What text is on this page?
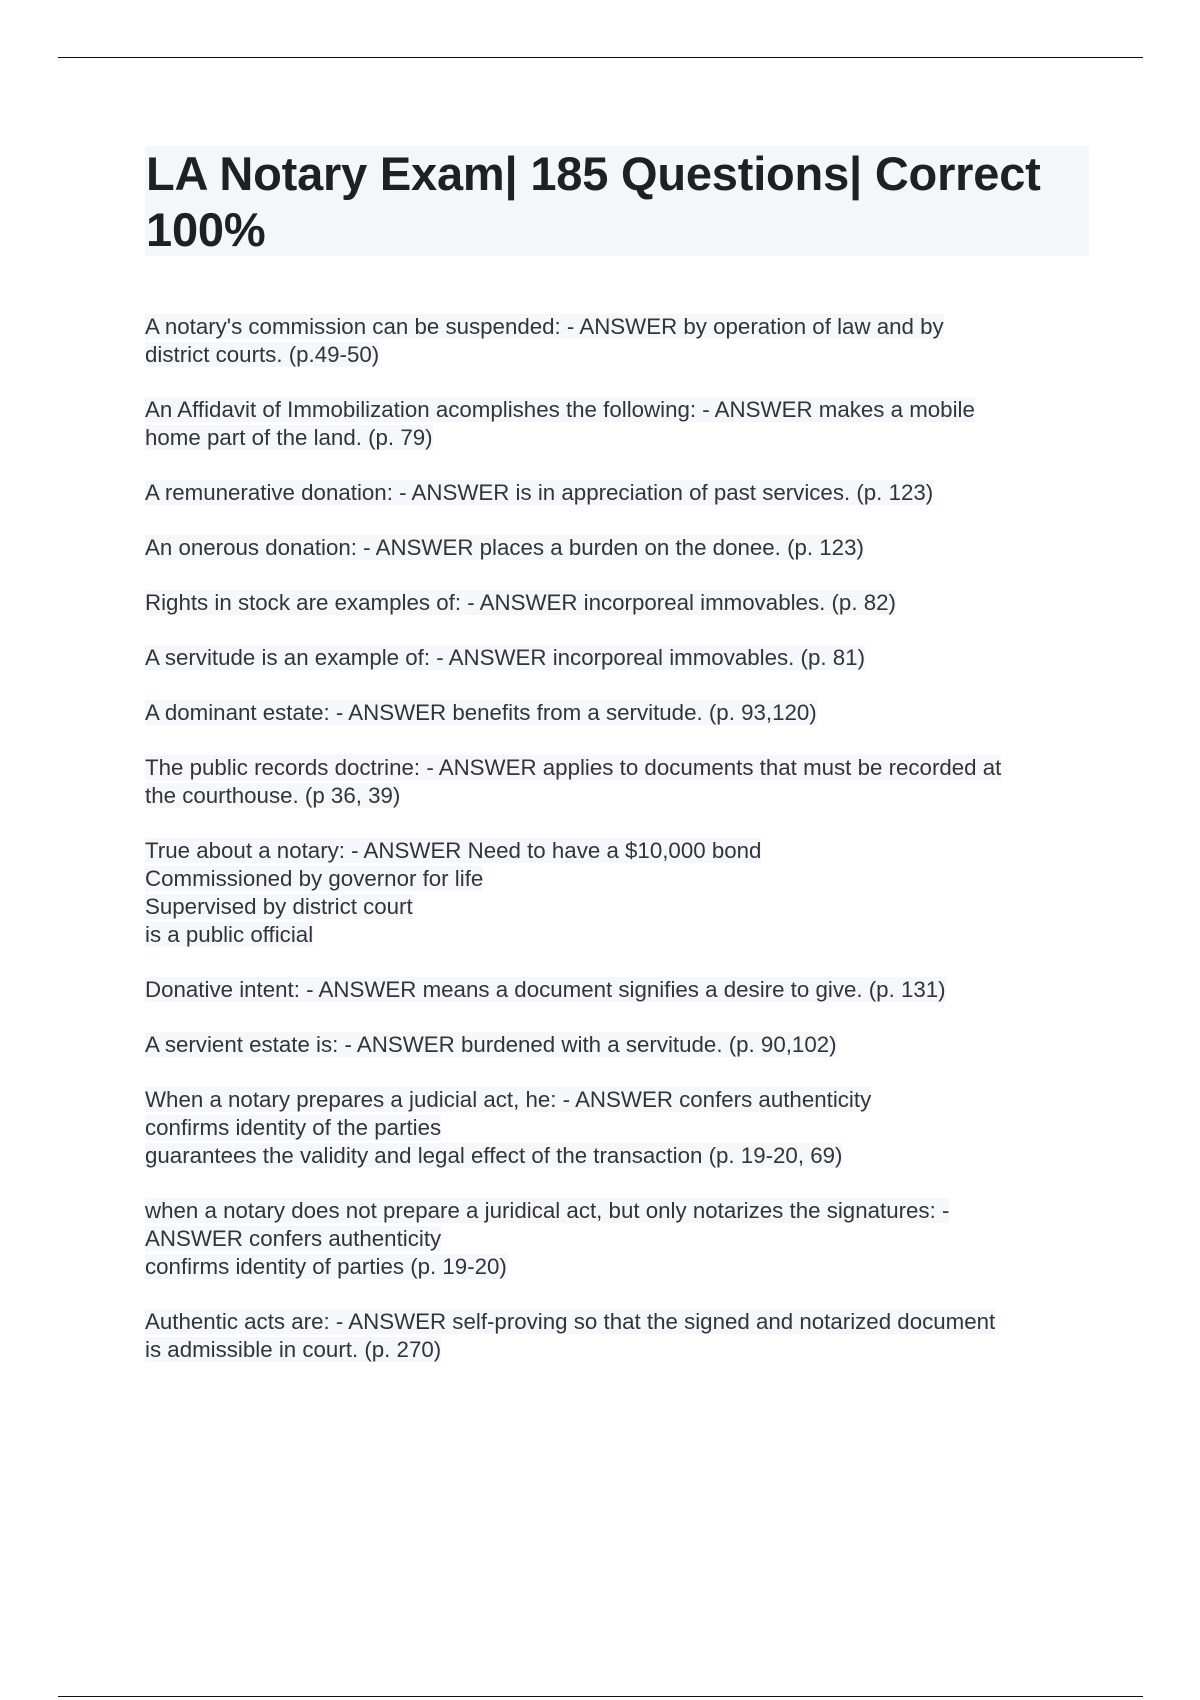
LA Notary Exam| 185 Questions| Correct 100%
A notary's commission can be suspended: - ANSWER by operation of law and by
district courts. (p.49-50)
An Affidavit of Immobilization acomplishes the following: - ANSWER makes a mobile
home part of the land. (p. 79)
A remunerative donation: - ANSWER is in appreciation of past services. (p. 123)
An onerous donation: - ANSWER places a burden on the donee. (p. 123)
Rights in stock are examples of: - ANSWER incorporeal immovables. (p. 82)
A servitude is an example of: - ANSWER incorporeal immovables. (p. 81)
A dominant estate: - ANSWER benefits from a servitude. (p. 93,120)
The public records doctrine: - ANSWER applies to documents that must be recorded at
the courthouse. (p 36, 39)
True about a notary: - ANSWER Need to have a $10,000 bond
Commissioned by governor for life
Supervised by district court
is a public official
Donative intent: - ANSWER means a document signifies a desire to give. (p. 131)
A servient estate is: - ANSWER burdened with a servitude. (p. 90,102)
When a notary prepares a judicial act, he: - ANSWER confers authenticity
confirms identity of the parties
guarantees the validity and legal effect of the transaction (p. 19-20, 69)
when a notary does not prepare a juridical act, but only notarizes the signatures: -
ANSWER confers authenticity
confirms identity of parties (p. 19-20)
Authentic acts are: - ANSWER self-proving so that the signed and notarized document
is admissible in court. (p. 270)
